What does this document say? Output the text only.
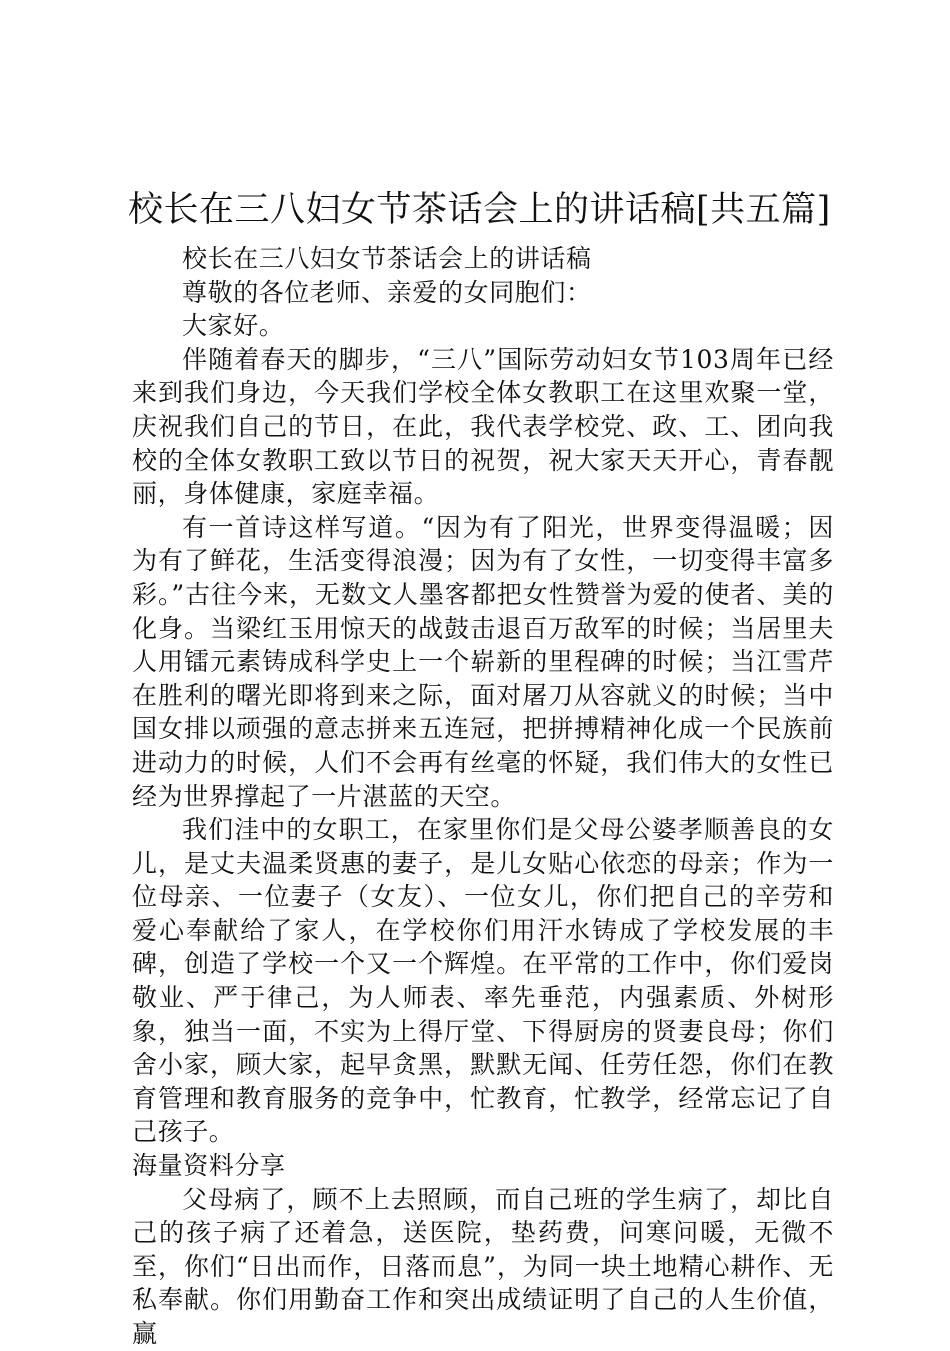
校长在三八妇女节茶话会上的讲话稿[共五篇]

校长在三八妇女节茶话会上的讲话稿

尊敬的各位老师、亲爱的女同胞们：

大家好。

伴随着春天的脚步，“三八”国际劳动妇女节103周年已经来到我们身边，今天我们学校全体女教职工在这里欢聚一堂，庆祝我们自己的节日，在此，我代表学校党、政、工、团向我校的全体女教职工致以节日的祝贺，祝大家天天开心，青春靓丽，身体健康，家庭幸福。

有一首诗这样写道。“因为有了阳光，世界变得温暖；因为有了鲜花，生活变得浪漫；因为有了女性，一切变得丰富多彩。”古往今来，无数文人墨客都把女性赞誉为爱的使者、美的化身。当梁红玉用惊天的战鼓击退百万敌军的时候；当居里夫人用镭元素铸成科学史上一个崭新的里程碑的时候；当江雪芹在胜利的曙光即将到来之际，面对屠刀从容就义的时候；当中国女排以顽强的意志拼来五连冠，把拼搏精神化成一个民族前进动力的时候，人们不会再有丝毫的怀疑，我们伟大的女性已经为世界撑起了一片湛蓝的天空。

我们洼中的女职工，在家里你们是父母公婆孝顺善良的女儿，是丈夫温柔贤惠的妻子，是儿女贴心依恋的母亲；作为一位母亲、一位妻子（女友）、一位女儿，你们把自己的辛劳和爱心奉献给了家人，在学校你们用汗水铸成了学校发展的丰碑，创造了学校一个又一个辉煌。在平常的工作中，你们爱岗敬业、严于律己，为人师表、率先垂范，内强素质、外树形象，独当一面，不实为上得厅堂、下得厨房的贤妻良母；你们舍小家，顾大家，起早贪黑，默默无闻、任劳任怨，你们在教育管理和教育服务的竞争中，忙教育，忙教学，经常忘记了自己孩子。

海量资料分享

父母病了，顾不上去照顾，而自己班的学生病了，却比自己的孩子病了还着急，送医院，垫药费，问寒问暖，无微不至，你们“日出而作，日落而息”，为同一块土地精心耕作、无私奉献。你们用勤奋工作和突出成绩证明了自己的人生价值，赢
